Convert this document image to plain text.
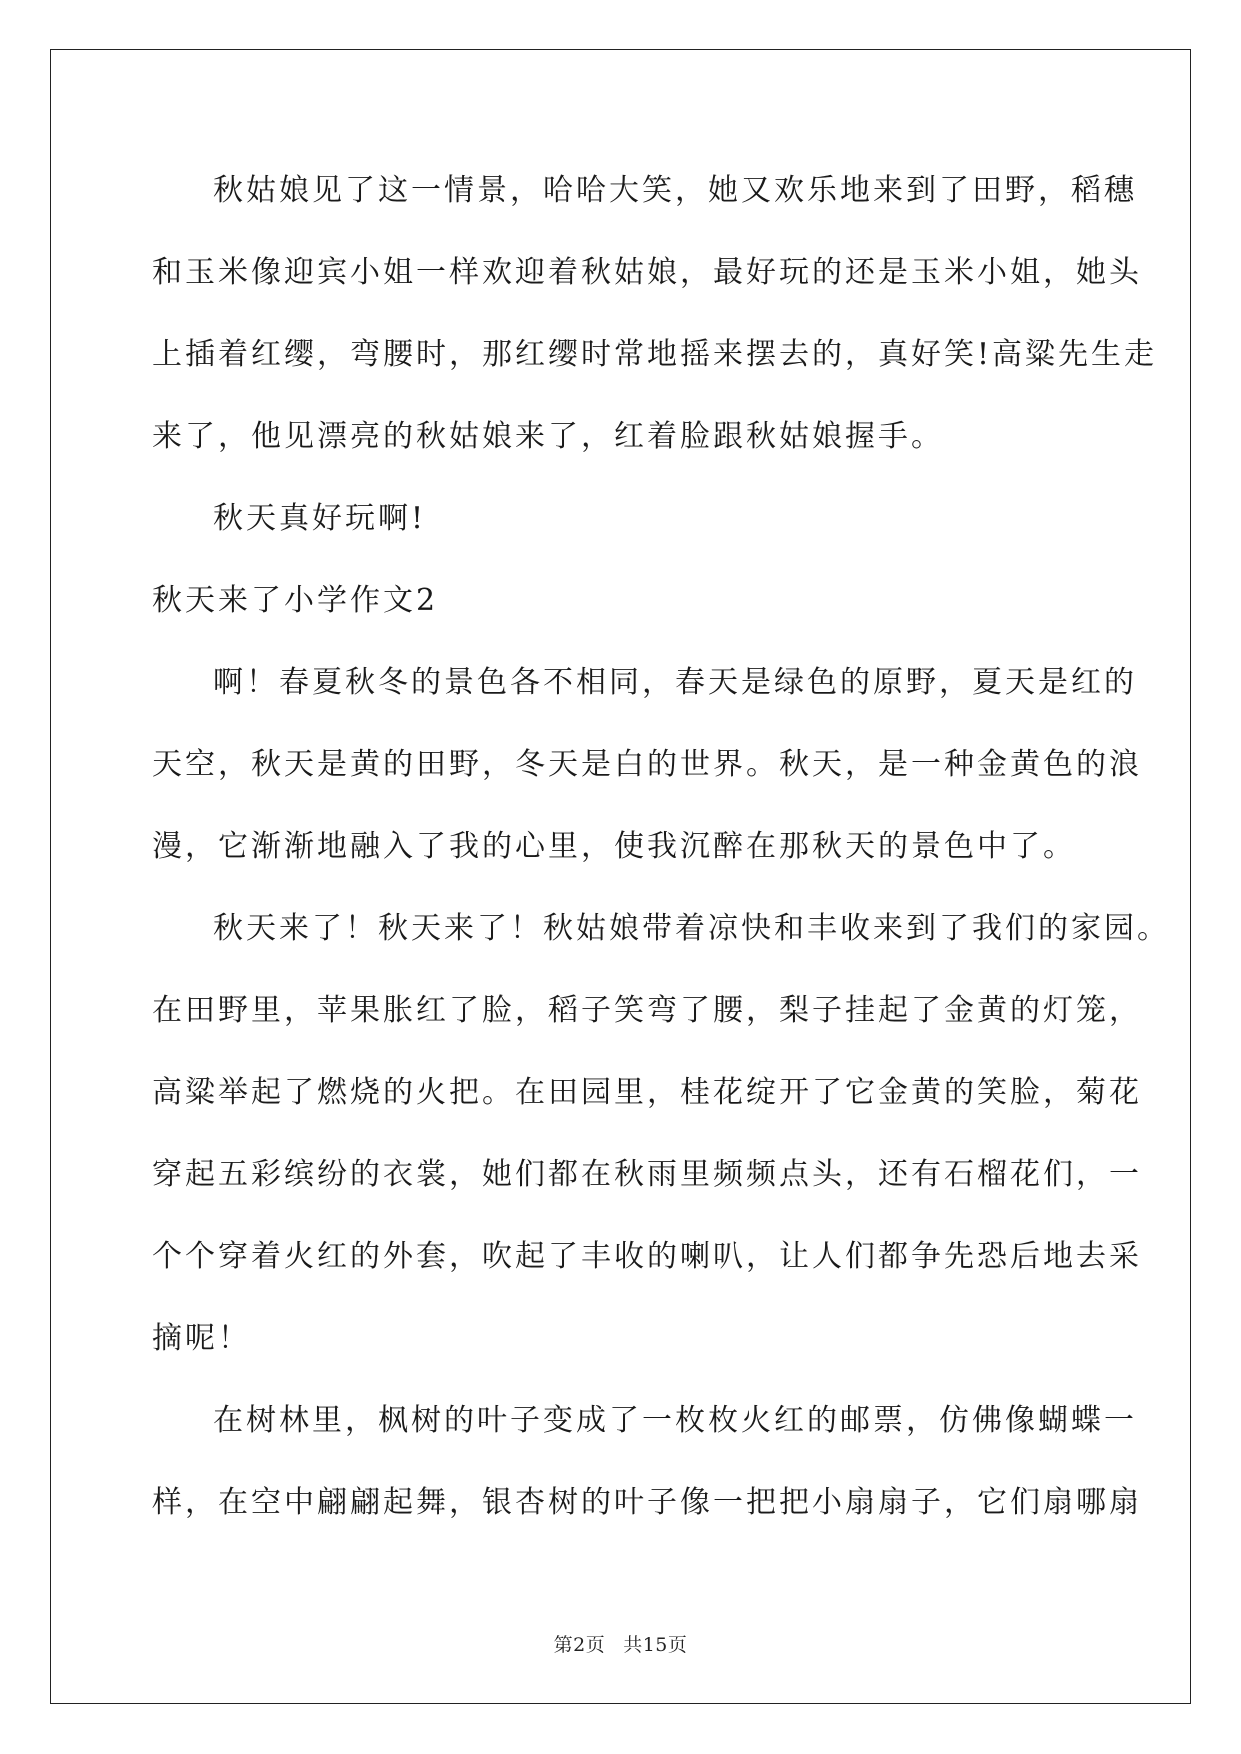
秋姑娘见了这一情景，哈哈大笑，她又欢乐地来到了田野，稻穗
和玉米像迎宾小姐一样欢迎着秋姑娘，最好玩的还是玉米小姐，她头
上插着红缨，弯腰时，那红缨时常地摇来摆去的，真好笑!高粱先生走
来了，他见漂亮的秋姑娘来了，红着脸跟秋姑娘握手。
秋天真好玩啊!
秋天来了小学作文2
啊！春夏秋冬的景色各不相同，春天是绿色的原野，夏天是红的
天空，秋天是黄的田野，冬天是白的世界。秋天，是一种金黄色的浪
漫，它渐渐地融入了我的心里，使我沉醉在那秋天的景色中了。
秋天来了！秋天来了！秋姑娘带着凉快和丰收来到了我们的家园。
在田野里，苹果胀红了脸，稻子笑弯了腰，梨子挂起了金黄的灯笼，
高粱举起了燃烧的火把。在田园里，桂花绽开了它金黄的笑脸，菊花
穿起五彩缤纷的衣裳，她们都在秋雨里频频点头，还有石榴花们，一
个个穿着火红的外套，吹起了丰收的喇叭，让人们都争先恐后地去采
摘呢！
在树林里，枫树的叶子变成了一枚枚火红的邮票，仿佛像蝴蝶一
样，在空中翩翩起舞，银杏树的叶子像一把把小扇扇子，它们扇哪扇
第2页 共15页
